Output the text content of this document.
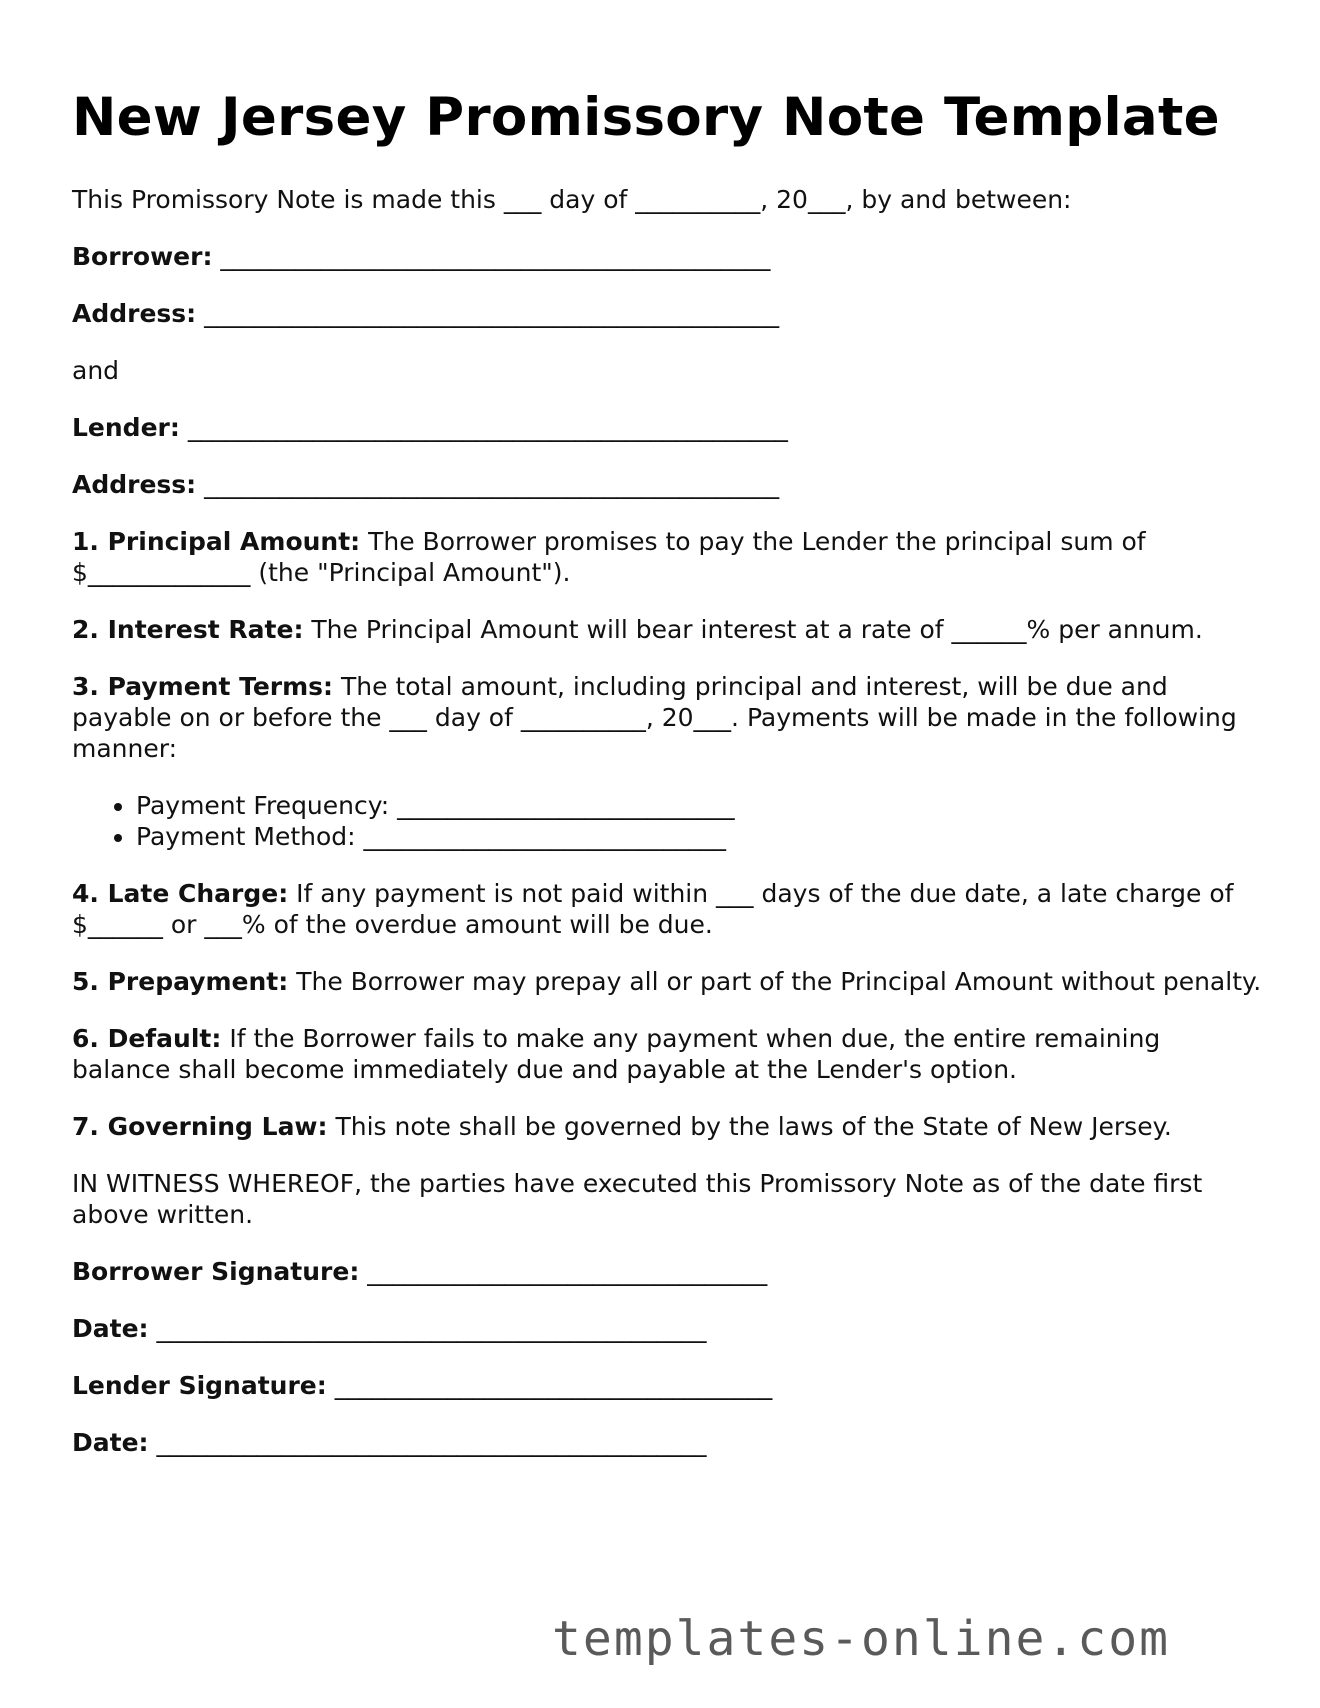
New Jersey Promissory Note Template

This Promissory Note is made this ___ day of __________, 20___, by and between:

Borrower: ____________________________________________

Address: ______________________________________________

and

Lender: ________________________________________________

Address: ______________________________________________

1. Principal Amount: The Borrower promises to pay the Lender the principal sum of $_____________ (the "Principal Amount").

2. Interest Rate: The Principal Amount will bear interest at a rate of ______% per annum.

3. Payment Terms: The total amount, including principal and interest, will be due and payable on or before the ___ day of __________, 20___. Payments will be made in the following manner:

• Payment Frequency: ___________________________
• Payment Method: _____________________________

4. Late Charge: If any payment is not paid within ___ days of the due date, a late charge of $______ or ___% of the overdue amount will be due.

5. Prepayment: The Borrower may prepay all or part of the Principal Amount without penalty.

6. Default: If the Borrower fails to make any payment when due, the entire remaining balance shall become immediately due and payable at the Lender's option.

7. Governing Law: This note shall be governed by the laws of the State of New Jersey.

IN WITNESS WHEREOF, the parties have executed this Promissory Note as of the date first above written.

Borrower Signature: ________________________________

Date: ____________________________________________

Lender Signature: ___________________________________

Date: ____________________________________________

templates-online.com
